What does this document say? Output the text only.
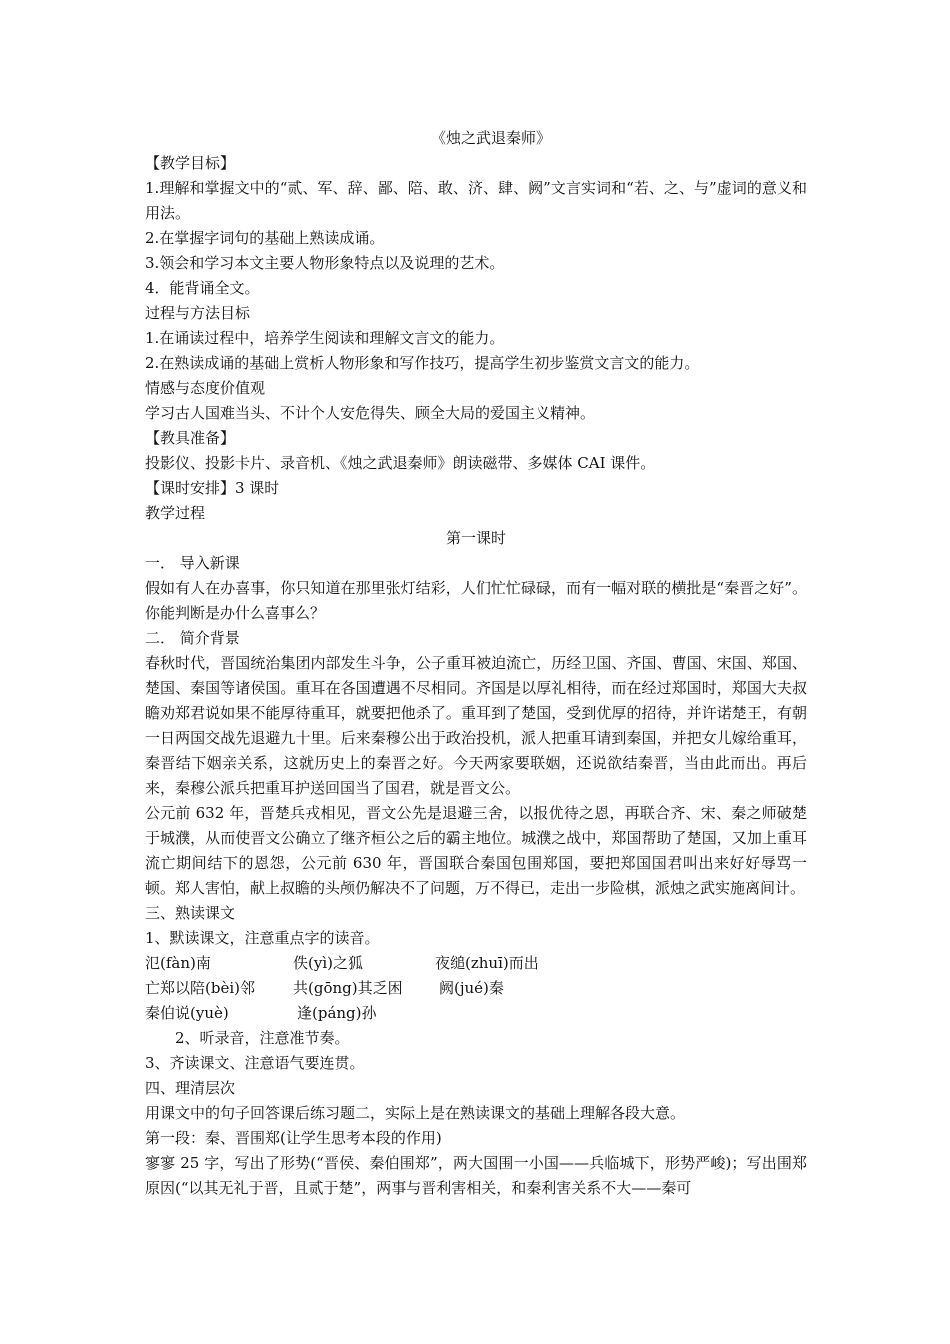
《烛之武退秦师》
【教学目标】
1.理解和掌握文中的“贰、军、辞、鄙、陪、敢、济、肆、阙”文言实词和“若、之、与”虚词的意义和用法。
2.在掌握字词句的基础上熟读成诵。
3.领会和学习本文主要人物形象特点以及说理的艺术。
4．能背诵全文。
过程与方法目标
1.在诵读过程中，培养学生阅读和理解文言文的能力。
2.在熟读成诵的基础上赏析人物形象和写作技巧，提高学生初步鉴赏文言文的能力。
情感与态度价值观
学习古人国难当头、不计个人安危得失、顾全大局的爱国主义精神。
【教具准备】
投影仪、投影卡片、录音机、《烛之武退秦师》朗读磁带、多媒体 CAI 课件。
【课时安排】3 课时
教学过程
第一课时
一． 导入新课
假如有人在办喜事，你只知道在那里张灯结彩，人们忙忙碌碌，而有一幅对联的横批是“秦晋之好”。你能判断是办什么喜事么？
二． 简介背景
春秋时代，晋国统治集团内部发生斗争，公子重耳被迫流亡，历经卫国、齐国、曹国、宋国、郑国、楚国、秦国等诸侯国。重耳在各国遭遇不尽相同。齐国是以厚礼相待，而在经过郑国时，郑国大夫叔瞻劝郑君说如果不能厚待重耳，就要把他杀了。重耳到了楚国，受到优厚的招待，并许诺楚王，有朝一日两国交战先退避九十里。后来秦穆公出于政治投机，派人把重耳请到秦国，并把女儿嫁给重耳，秦晋结下姻亲关系，这就历史上的秦晋之好。今天两家要联姻，还说欲结秦晋，当由此而出。再后来，秦穆公派兵把重耳护送回国当了国君，就是晋文公。
公元前 632 年，晋楚兵戎相见，晋文公先是退避三舍，以报优待之恩，再联合齐、宋、秦之师破楚于城濮，从而使晋文公确立了继齐桓公之后的霸主地位。城濮之战中，郑国帮助了楚国，又加上重耳流亡期间结下的恩怨，公元前 630 年，晋国联合秦国包围郑国，要把郑国国君叫出来好好辱骂一顿。郑人害怕，献上叔瞻的头颅仍解决不了问题，万不得已，走出一步险棋，派烛之武实施离间计。
三、熟读课文
1、默读课文，注意重点字的读音。
氾(fàn)南	佚(yì)之狐	夜缒(zhuī)而出
亡郑以陪(bèi)邻	共(gōng)其乏困 阙(jué)秦
秦伯说(yuè)	逢(páng)孙
2、听录音，注意准节奏。
3、齐读课文、注意语气要连贯。
四、理清层次
用课文中的句子回答课后练习题二，实际上是在熟读课文的基础上理解各段大意。
第一段：秦、晋围郑(让学生思考本段的作用)
寥寥 25 字，写出了形势(“晋侯、秦伯围郑”，两大国围一小国——兵临城下，形势严峻)；写出围郑原因(“以其无礼于晋，且贰于楚”，两事与晋利害相关，和秦利害关系不大——秦可
